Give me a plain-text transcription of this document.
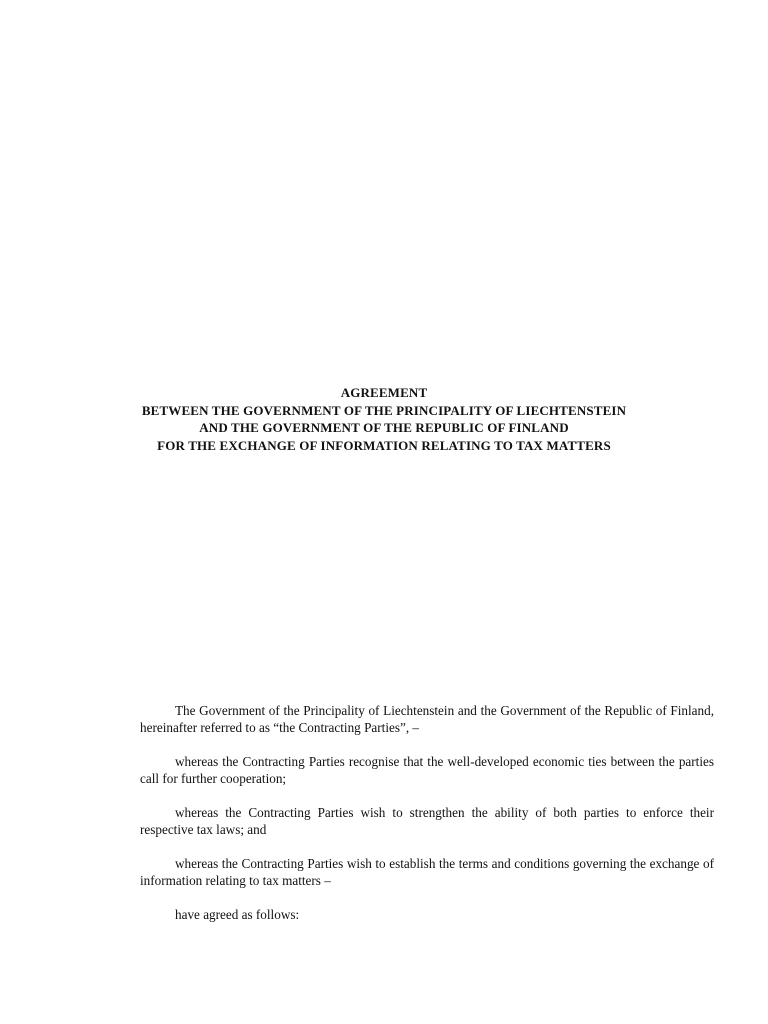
AGREEMENT
BETWEEN THE GOVERNMENT OF THE PRINCIPALITY OF LIECHTENSTEIN
AND THE GOVERNMENT OF THE REPUBLIC OF FINLAND
FOR THE EXCHANGE OF INFORMATION RELATING TO TAX MATTERS

The Government of the Principality of Liechtenstein and the Government of the Republic of Finland, hereinafter referred to as “the Contracting Parties”, –

whereas the Contracting Parties recognise that the well-developed economic ties between the parties call for further cooperation;

whereas the Contracting Parties wish to strengthen the ability of both parties to enforce their respective tax laws; and

whereas the Contracting Parties wish to establish the terms and conditions governing the exchange of information relating to tax matters –

have agreed as follows:
